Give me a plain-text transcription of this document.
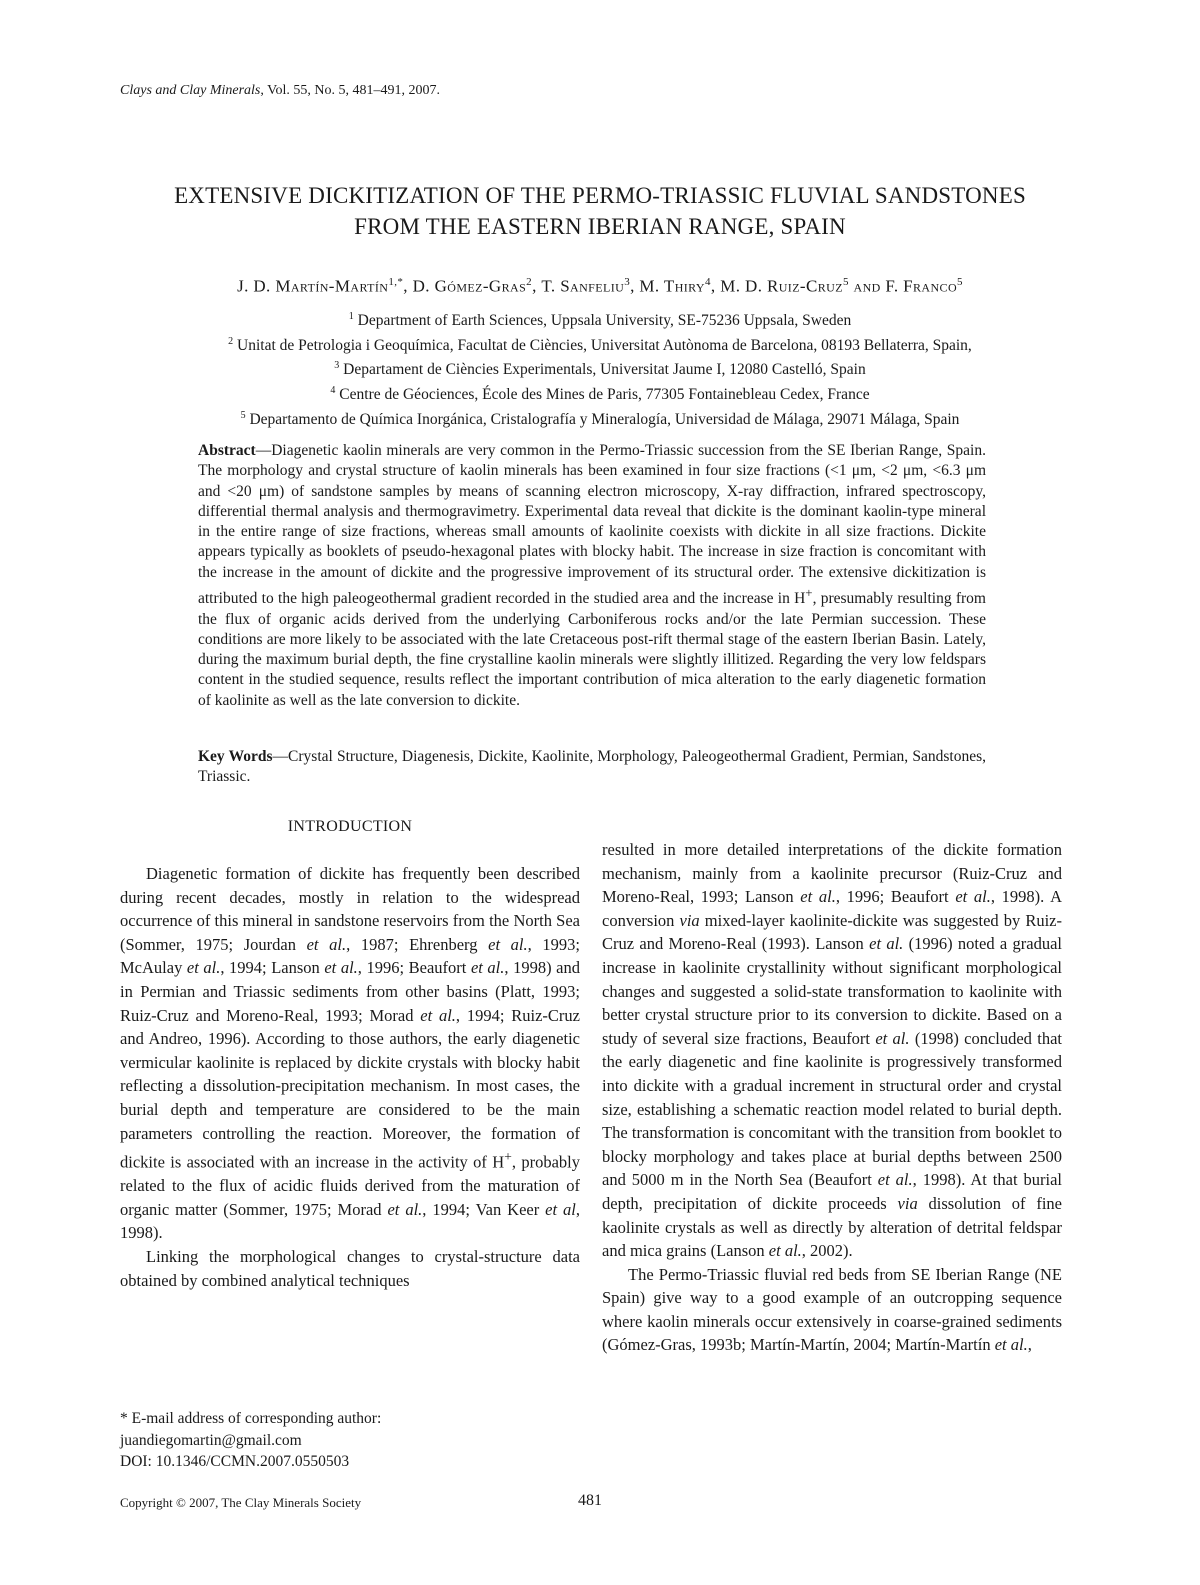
Clays and Clay Minerals, Vol. 55, No. 5, 481–491, 2007.
EXTENSIVE DICKITIZATION OF THE PERMO-TRIASSIC FLUVIAL SANDSTONES
FROM THE EASTERN IBERIAN RANGE, SPAIN
J. D. Martín-Martín$^{1,*}$, D. Gómez-Gras$^2$, T. Sanfeliu$^3$, M. Thiry$^4$, M. D. Ruiz-Cruz$^5$ and F. Franco$^5$
$^1$ Department of Earth Sciences, Uppsala University, SE-75236 Uppsala, Sweden
$^2$ Unitat de Petrologia i Geoquímica, Facultat de Ciències, Universitat Autònoma de Barcelona, 08193 Bellaterra, Spain,
$^3$ Departament de Ciències Experimentals, Universitat Jaume I, 12080 Castelló, Spain
$^4$ Centre de Géociences, École des Mines de Paris, 77305 Fontainebleau Cedex, France
$^5$ Departamento de Química Inorgánica, Cristalografía y Mineralogía, Universidad de Málaga, 29071 Málaga, Spain

Abstract—Diagenetic kaolin minerals are very common in the Permo-Triassic succession from the SE Iberian Range, Spain. The morphology and crystal structure of kaolin minerals has been examined in four size fractions (<1 μm, <2 μm, <6.3 μm and <20 μm) of sandstone samples by means of scanning electron microscopy, X-ray diffraction, infrared spectroscopy, differential thermal analysis and thermogravimetry. Experimental data reveal that dickite is the dominant kaolin-type mineral in the entire range of size fractions, whereas small amounts of kaolinite coexists with dickite in all size fractions. Dickite appears typically as booklets of pseudo-hexagonal plates with blocky habit. The increase in size fraction is concomitant with the increase in the amount of dickite and the progressive improvement of its structural order. The extensive dickitization is attributed to the high paleogeothermal gradient recorded in the studied area and the increase in H+, presumably resulting from the flux of organic acids derived from the underlying Carboniferous rocks and/or the late Permian succession. These conditions are more likely to be associated with the late Cretaceous post-rift thermal stage of the eastern Iberian Basin. Lately, during the maximum burial depth, the fine crystalline kaolin minerals were slightly illitized. Regarding the very low feldspars content in the studied sequence, results reflect the important contribution of mica alteration to the early diagenetic formation of kaolinite as well as the late conversion to dickite.

Key Words—Crystal Structure, Diagenesis, Dickite, Kaolinite, Morphology, Paleogeothermal Gradient, Permian, Sandstones, Triassic.
INTRODUCTION

Diagenetic formation of dickite has frequently been described during recent decades, mostly in relation to the widespread occurrence of this mineral in sandstone reservoirs from the North Sea (Sommer, 1975; Jourdan et al., 1987; Ehrenberg et al., 1993; McAulay et al., 1994; Lanson et al., 1996; Beaufort et al., 1998) and in Permian and Triassic sediments from other basins (Platt, 1993; Ruiz-Cruz and Moreno-Real, 1993; Morad et al., 1994; Ruiz-Cruz and Andreo, 1996). According to those authors, the early diagenetic vermicular kaolinite is replaced by dickite crystals with blocky habit reflecting a dissolution-precipitation mechanism. In most cases, the burial depth and temperature are considered to be the main parameters controlling the reaction. Moreover, the formation of dickite is associated with an increase in the activity of H+, probably related to the flux of acidic fluids derived from the maturation of organic matter (Sommer, 1975; Morad et al., 1994; Van Keer et al, 1998).

Linking the morphological changes to crystal-structure data obtained by combined analytical techniques

resulted in more detailed interpretations of the dickite formation mechanism, mainly from a kaolinite precursor (Ruiz-Cruz and Moreno-Real, 1993; Lanson et al., 1996; Beaufort et al., 1998). A conversion via mixed-layer kaolinite-dickite was suggested by Ruiz-Cruz and Moreno-Real (1993). Lanson et al. (1996) noted a gradual increase in kaolinite crystallinity without significant morphological changes and suggested a solid-state transformation to kaolinite with better crystal structure prior to its conversion to dickite. Based on a study of several size fractions, Beaufort et al. (1998) concluded that the early diagenetic and fine kaolinite is progressively transformed into dickite with a gradual increment in structural order and crystal size, establishing a schematic reaction model related to burial depth. The transformation is concomitant with the transition from booklet to blocky morphology and takes place at burial depths between 2500 and 5000 m in the North Sea (Beaufort et al., 1998). At that burial depth, precipitation of dickite proceeds via dissolution of fine kaolinite crystals as well as directly by alteration of detrital feldspar and mica grains (Lanson et al., 2002).

The Permo-Triassic fluvial red beds from SE Iberian Range (NE Spain) give way to a good example of an outcropping sequence where kaolin minerals occur extensively in coarse-grained sediments (Gómez-Gras, 1993b; Martín-Martín, 2004; Martín-Martín et al.,

* E-mail address of corresponding author:
juandiegomartin@gmail.com
DOI: 10.1346/CCMN.2007.0550503
Copyright © 2007, The Clay Minerals Society	481
